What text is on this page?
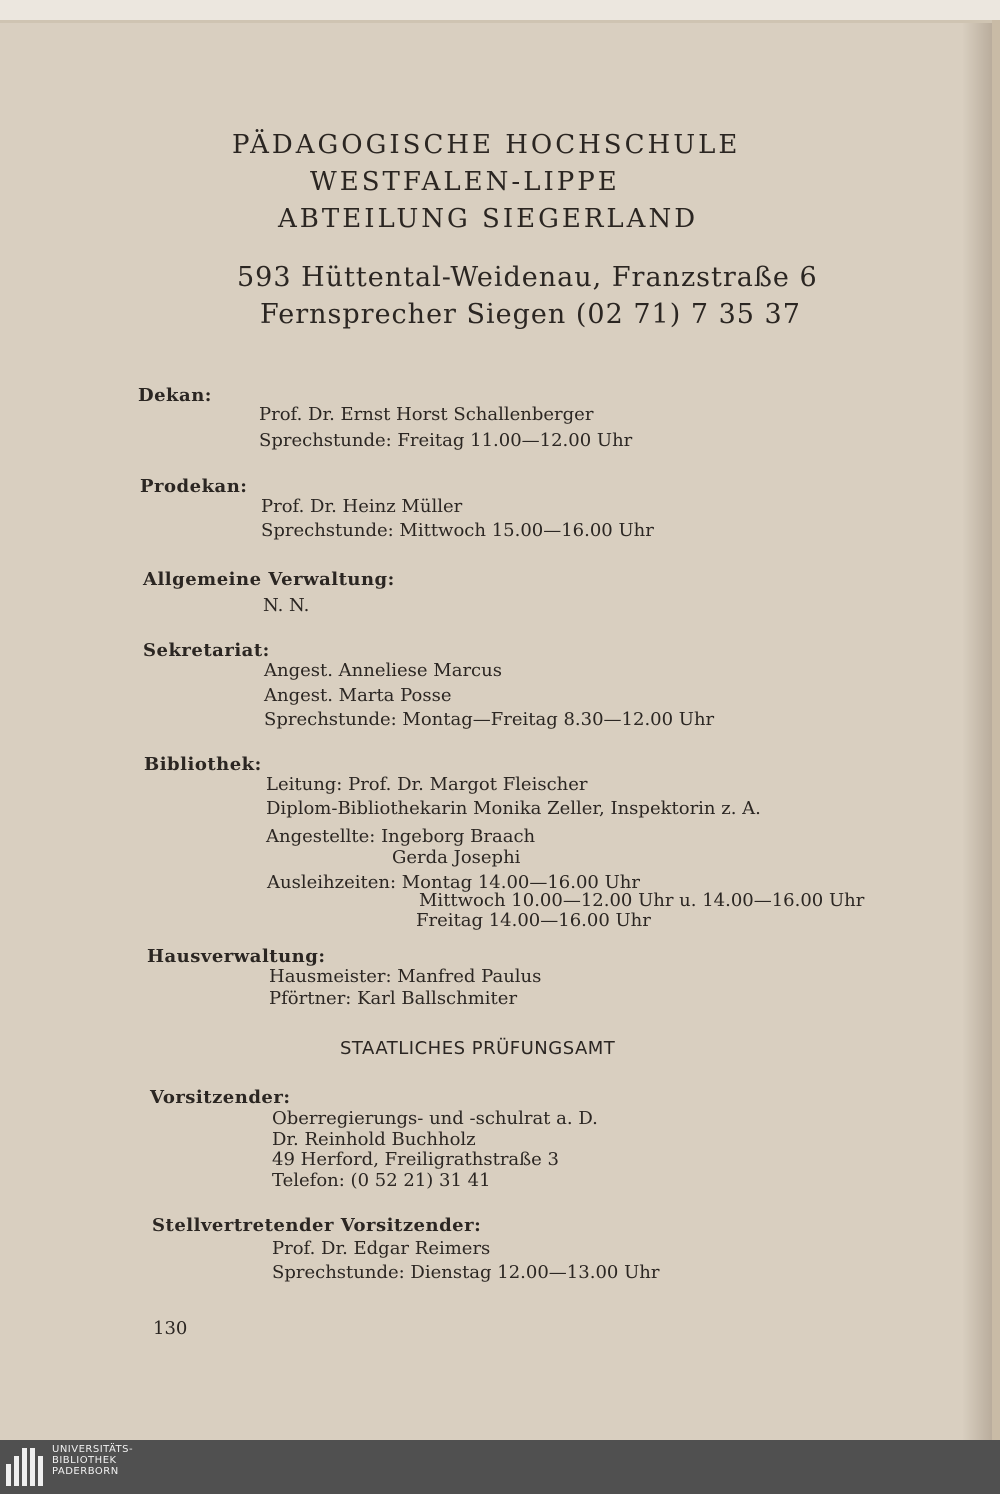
PÄDAGOGISCHE HOCHSCHULE
WESTFALEN-LIPPE
ABTEILUNG SIEGERLAND
593 Hüttental-Weidenau, Franzstraße 6
Fernsprecher Siegen (02 71) 7 35 37
Dekan:
Prof. Dr. Ernst Horst Schallenberger
Sprechstunde: Freitag 11.00—12.00 Uhr
Prodekan:
Prof. Dr. Heinz Müller
Sprechstunde: Mittwoch 15.00—16.00 Uhr
Allgemeine Verwaltung:
N. N.
Sekretariat:
Angest. Anneliese Marcus
Angest. Marta Posse
Sprechstunde: Montag—Freitag 8.30—12.00 Uhr
Bibliothek:
Leitung: Prof. Dr. Margot Fleischer
Diplom-Bibliothekarin Monika Zeller, Inspektorin z. A.
Angestellte: Ingeborg Braach
Gerda Josephi
Ausleihzeiten: Montag 14.00—16.00 Uhr
Mittwoch 10.00—12.00 Uhr u. 14.00—16.00 Uhr
Freitag 14.00—16.00 Uhr
Hausverwaltung:
Hausmeister: Manfred Paulus
Pförtner: Karl Ballschmiter
STAATLICHES PRÜFUNGSAMT
Vorsitzender:
Oberregierungs- und -schulrat a. D.
Dr. Reinhold Buchholz
49 Herford, Freiligrathstraße 3
Telefon: (0 52 21) 31 41
Stellvertretender Vorsitzender:
Prof. Dr. Edgar Reimers
Sprechstunde: Dienstag 12.00—13.00 Uhr
130
UNIVERSITÄTS-
BIBLIOTHEK
PADERBORN
